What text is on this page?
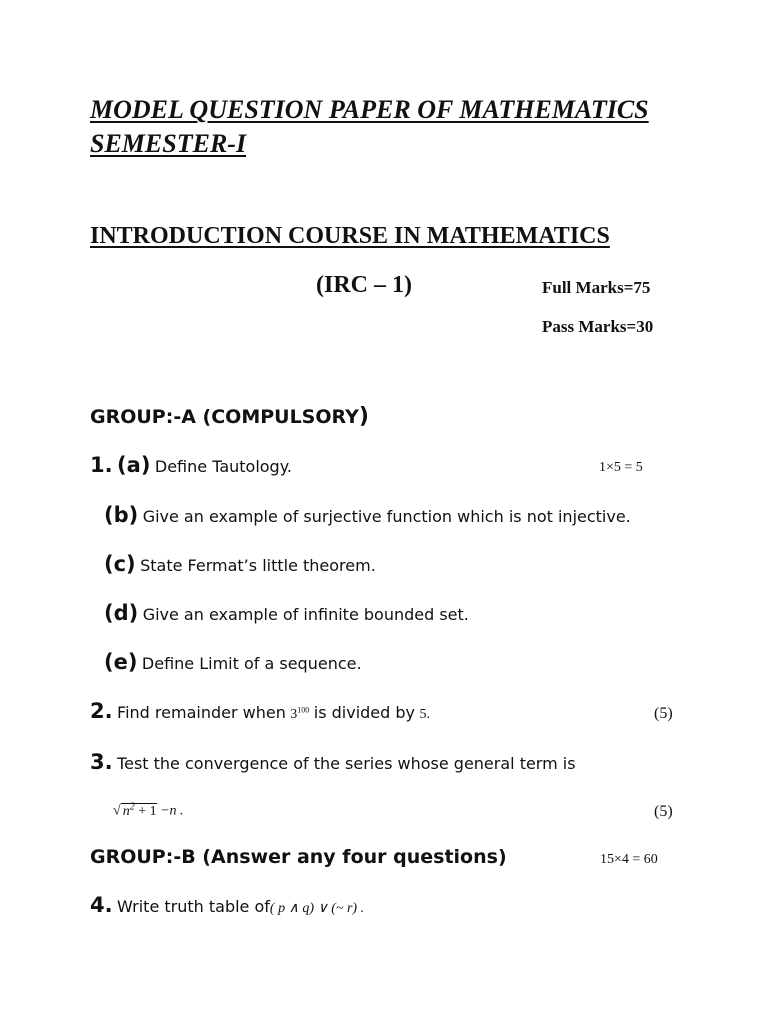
MODEL QUESTION PAPER OF MATHEMATICS
SEMESTER-I
INTRODUCTION COURSE IN MATHEMATICS
(IRC – 1)	Full Marks=75
Pass Marks=30
GROUP:-A (COMPULSORY)
1. (a) Define Tautology.	1×5 = 5
(b) Give an example of surjective function which is not injective.
(c) State Fermat’s little theorem.
(d) Give an example of infinite bounded set.
(e) Define Limit of a sequence.
2. Find remainder when $3^{100}$ is divided by 5.	(5)
3. Test the convergence of the series whose general term is
√ $n^2 + 1 -n$ .	(5)
GROUP:-B (Answer any four questions)	15×4 = 60
4. Write truth table of( p ∧ q) ∨ (~ r) .
